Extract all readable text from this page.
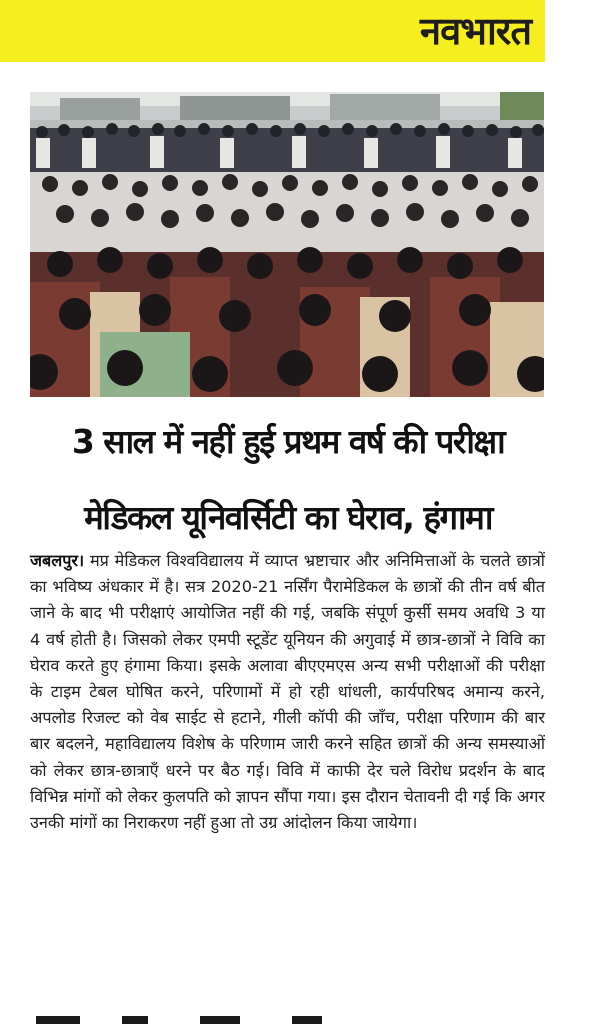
नवभारत
3 साल में नहीं हुई प्रथम वर्ष की परीक्षा
मेडिकल यूनिवर्सिटी का घेराव, हंगामा
जबलपुर। मप्र मेडिकल विश्वविद्यालय में व्याप्त भ्रष्टाचार और अनिमित्ताओं के चलते छात्रों का भविष्य अंधकार में है। सत्र 2020-21 नर्सिंग पैरामेडिकल के छात्रों की तीन वर्ष बीत जाने के बाद भी परीक्षाएं आयोजित नहीं की गई, जबकि संपूर्ण कुर्सी समय अवधि 3 या 4 वर्ष होती है। जिसको लेकर एमपी स्टूडेंट यूनियन की अगुवाई में छात्र-छात्रों ने विवि का घेराव करते हुए हंगामा किया। इसके अलावा बीएएमएस अन्य सभी परीक्षाओं की परीक्षा के टाइम टेबल घोषित करने, परिणामों में हो रही धांधली, कार्यपरिषद अमान्य करने, अपलोड रिजल्ट को वेब साईट से हटाने, गीली कॉपी की जाँच, परीक्षा परिणाम की बार बार बदलने, महाविद्यालय विशेष के परिणाम जारी करने सहित छात्रों की अन्य समस्याओं को लेकर छात्र-छात्राएँ धरने पर बैठ गई। विवि में काफी देर चले विरोध प्रदर्शन के बाद विभिन्न मांगों को लेकर कुलपति को ज्ञापन सौंपा गया। इस दौरान चेतावनी दी गई कि अगर उनकी मांगों का निराकरण नहीं हुआ तो उग्र आंदोलन किया जायेगा।
